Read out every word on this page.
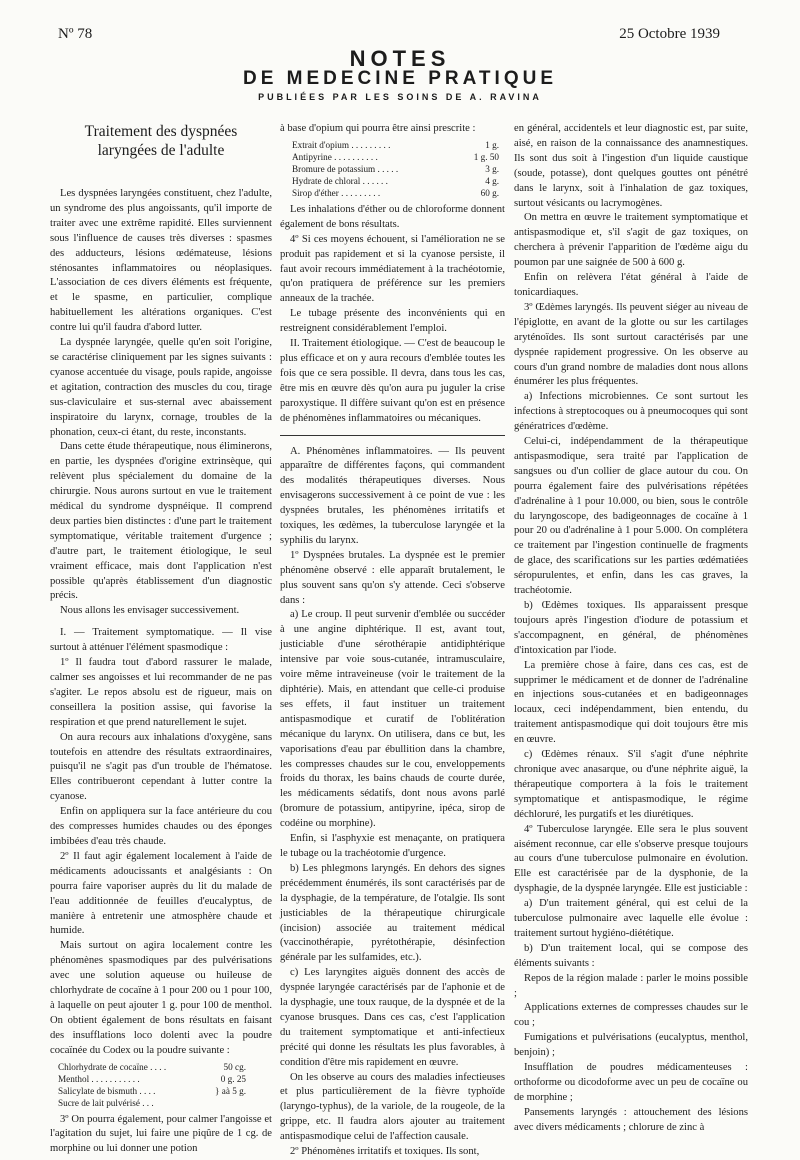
Nº 78	25 Octobre 1939
NOTES
DE MEDECINE PRATIQUE
PUBLIÉES PAR LES SOINS DE A. RAVINA
Traitement des dyspnées laryngées de l'adulte

Les dyspnées laryngées constituent, chez l'adulte, un syndrome des plus angoissants, qu'il importe de traiter avec une extrême rapidité. Elles surviennent sous l'influence de causes très diverses : spasmes des adducteurs, lésions œdémateuse, lésions sténosantes inflammatoires ou néoplasiques. L'association de ces divers éléments est fréquente, et le spasme, en particulier, complique habituellement les altérations organiques. C'est contre lui qu'il faudra d'abord lutter.

La dyspnée laryngée, quelle qu'en soit l'origine, se caractérise cliniquement par les signes suivants : cyanose accentuée du visage, pouls rapide, angoisse et agitation, contraction des muscles du cou, tirage sus-claviculaire et sus-sternal avec abaissement inspiratoire du larynx, cornage, troubles de la phonation, ceux-ci étant, du reste, inconstants.

Dans cette étude thérapeutique, nous éliminerons, en partie, les dyspnées d'origine extrinsèque, qui relèvent plus spécialement du domaine de la chirurgie. Nous aurons surtout en vue le traitement médical du syndrome dyspnéique. Il comprend deux parties bien distinctes : d'une part le traitement symptomatique, véritable traitement d'urgence ; d'autre part, le traitement étiologique, le seul vraiment efficace, mais dont l'application n'est possible qu'après établissement d'un diagnostic précis.

Nous allons les envisager successivement.

I. — Traitement symptomatique. — Il vise surtout à atténuer l'élément spasmodique :

1º Il faudra tout d'abord rassurer le malade, calmer ses angoisses et lui recommander de ne pas s'agiter. Le repos absolu est de rigueur, mais on conseillera la position assise, qui favorise la respiration et que prend naturellement le sujet.

On aura recours aux inhalations d'oxygène, sans toutefois en attendre des résultats extraordinaires, puisqu'il ne s'agit pas d'un trouble de l'hématose. Elles contribueront cependant à lutter contre la cyanose.

Enfin on appliquera sur la face antérieure du cou des compresses humides chaudes ou des éponges imbibées d'eau très chaude.

2º Il faut agir également localement à l'aide de médicaments adoucissants et analgésiants : On pourra faire vaporiser auprès du lit du malade de l'eau additionnée de feuilles d'eucalyptus, de manière à entretenir une atmosphère chaude et humide.

Mais surtout on agira localement contre les phénomènes spasmodiques par des pulvérisations avec une solution aqueuse ou huileuse de chlorhydrate de cocaïne à 1 pour 200 ou 1 pour 100, à laquelle on peut ajouter 1 g. pour 100 de menthol. On obtient également de bons résultats en faisant des insufflations loco dolenti avec la poudre cocaïnée du Codex ou la poudre suivante :

Chlorhydrate de cocaïne . . . .	50 cg.
Menthol . . . . . . . . . . .	0 g. 25
Salicylate de bismuth . . . .	} aà 5 g.
Sucre de lait pulvérisé . . .

3º On pourra également, pour calmer l'angoisse et l'agitation du sujet, lui faire une piqûre de 1 cg. de morphine ou lui donner une potion

à base d'opium qui pourra être ainsi prescrite :

Extrait d'opium . . . . . . . . .	1 g.
Antipyrine . . . . . . . . . .	1 g. 50
Bromure de potassium . . . . .	3 g.
Hydrate de chloral . . . . . .	4 g.
Sirop d'éther . . . . . . . . .	60 g.

Les inhalations d'éther ou de chloroforme donnent également de bons résultats.

4º Si ces moyens échouent, si l'amélioration ne se produit pas rapidement et si la cyanose persiste, il faut avoir recours immédiatement à la trachéotomie, qu'on pratiquera de préférence sur les premiers anneaux de la trachée.

Le tubage présente des inconvénients qui en restreignent considérablement l'emploi.

II. Traitement étiologique. — C'est de beaucoup le plus efficace et on y aura recours d'emblée toutes les fois que ce sera possible. Il devra, dans tous les cas, être mis en œuvre dès qu'on aura pu juguler la crise paroxystique. Il diffère suivant qu'on est en présence de phénomènes inflammatoires ou mécaniques.

A. Phénomènes inflammatoires. — Ils peuvent apparaître de différentes façons, qui commandent des modalités thérapeutiques diverses. Nous envisagerons successivement à ce point de vue : les dyspnées brutales, les phénomènes irritatifs et toxiques, les œdèmes, la tuberculose laryngée et la syphilis du larynx.

1º Dyspnées brutales. La dyspnée est le premier phénomène observé : elle apparaît brutalement, le plus souvent sans qu'on s'y attende. Ceci s'observe dans :

a) Le croup. Il peut survenir d'emblée ou succéder à une angine diphtérique. Il est, avant tout, justiciable d'une sérothérapie antidiphtérique intensive par voie sous-cutanée, intramusculaire, voire même intraveineuse (voir le traitement de la diphtérie). Mais, en attendant que celle-ci produise ses effets, il faut instituer un traitement antispasmodique et curatif de l'oblitération mécanique du larynx. On utilisera, dans ce but, les vaporisations d'eau par ébullition dans la chambre, les compresses chaudes sur le cou, enveloppements froids du thorax, les bains chauds de courte durée, les médicaments sédatifs, dont nous avons parlé (bromure de potassium, antipyrine, ipéca, sirop de codéine ou morphine).

Enfin, si l'asphyxie est menaçante, on pratiquera le tubage ou la trachéotomie d'urgence.

b) Les phlegmons laryngés. En dehors des signes précédemment énumérés, ils sont caractérisés par de la dysphagie, de la température, de l'otalgie. Ils sont justiciables de la thérapeutique chirurgicale (incision) associée au traitement médical (vaccinothérapie, pyrétothérapie, désinfection générale par les sulfamides, etc.).

c) Les laryngites aiguës donnent des accès de dyspnée laryngée caractérisés par de l'aphonie et de la dysphagie, une toux rauque, de la dyspnée et de la cyanose brusques. Dans ces cas, c'est l'application du traitement symptomatique et anti-infectieux précité qui donne les résultats les plus favorables, à condition d'être mis rapidement en œuvre.

On les observe au cours des maladies infectieuses et plus particulièrement de la fièvre typhoïde (laryngo-typhus), de la variole, de la rougeole, de la grippe, etc. Il faudra alors ajouter au traitement antispasmodique celui de l'affection causale.

2º Phénomènes irritatifs et toxiques. Ils sont,

en général, accidentels et leur diagnostic est, par suite, aisé, en raison de la connaissance des anamnestiques. Ils sont dus soit à l'ingestion d'un liquide caustique (soude, potasse), dont quelques gouttes ont pénétré dans le larynx, soit à l'inhalation de gaz toxiques, surtout vésicants ou lacrymogènes.

On mettra en œuvre le traitement symptomatique et antispasmodique et, s'il s'agit de gaz toxiques, on cherchera à prévenir l'apparition de l'œdème aigu du poumon par une saignée de 500 à 600 g.

Enfin on relèvera l'état général à l'aide de tonicardiaques.

3º Œdèmes laryngés. Ils peuvent siéger au niveau de l'épiglotte, en avant de la glotte ou sur les cartilages aryténoïdes. Ils sont surtout caractérisés par une dyspnée rapidement progressive. On les observe au cours d'un grand nombre de maladies dont nous allons énumérer les plus fréquentes.

a) Infections microbiennes. Ce sont surtout les infections à streptocoques ou à pneumocoques qui sont génératrices d'œdème.

Celui-ci, indépendamment de la thérapeutique antispasmodique, sera traité par l'application de sangsues ou d'un collier de glace autour du cou. On pourra également faire des pulvérisations répétées d'adrénaline à 1 pour 10.000, ou bien, sous le contrôle du laryngoscope, des badigeonnages de cocaïne à 1 pour 20 ou d'adrénaline à 1 pour 5.000. On complétera ce traitement par l'ingestion continuelle de fragments de glace, des scarifications sur les parties œdématiées séropurulentes, et enfin, dans les cas graves, la trachéotomie.

b) Œdèmes toxiques. Ils apparaissent presque toujours après l'ingestion d'iodure de potassium et s'accompagnent, en général, de phénomènes d'intoxication par l'iode.

La première chose à faire, dans ces cas, est de supprimer le médicament et de donner de l'adrénaline en injections sous-cutanées et en badigeonnages locaux, ceci indépendamment, bien entendu, du traitement antispasmodique qui doit toujours être mis en œuvre.

c) Œdèmes rénaux. S'il s'agit d'une néphrite chronique avec anasarque, ou d'une néphrite aiguë, la thérapeutique comportera à la fois le traitement symptomatique et antispasmodique, le régime déchloruré, les purgatifs et les diurétiques.

4º Tuberculose laryngée. Elle sera le plus souvent aisément reconnue, car elle s'observe presque toujours au cours d'une tuberculose pulmonaire en évolution. Elle est caractérisée par de la dysphonie, de la dysphagie, de la dyspnée laryngée. Elle est justiciable :

a) D'un traitement général, qui est celui de la tuberculose pulmonaire avec laquelle elle évolue : traitement surtout hygiéno-diététique.

b) D'un traitement local, qui se compose des éléments suivants :

Repos de la région malade : parler le moins possible ;

Applications externes de compresses chaudes sur le cou ;

Fumigations et pulvérisations (eucalyptus, menthol, benjoin) ;

Insufflation de poudres médicamenteuses : orthoforme ou dicodoforme avec un peu de cocaïne ou de morphine ;

Pansements laryngés : attouchement des lésions avec divers médicaments ; chlorure de zinc à
